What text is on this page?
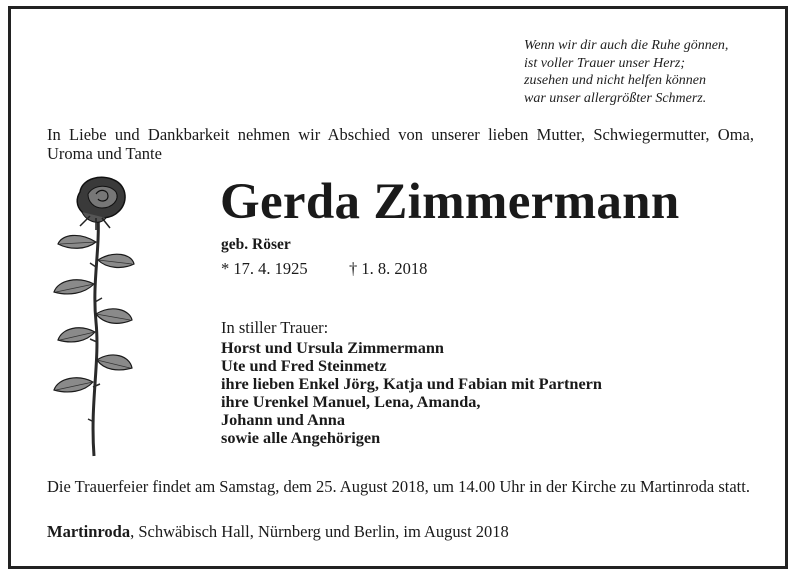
Wenn wir dir auch die Ruhe gönnen,
ist voller Trauer unser Herz;
zusehen und nicht helfen können
war unser allergrößter Schmerz.
In Liebe und Dankbarkeit nehmen wir Abschied von unserer lieben Mutter, Schwiegermutter, Oma, Uroma und Tante
Gerda Zimmermann
geb. Röser
* 17. 4. 1925	† 1. 8. 2018
In stiller Trauer:
Horst und Ursula Zimmermann
Ute und Fred Steinmetz
ihre lieben Enkel Jörg, Katja und Fabian mit Partnern
ihre Urenkel Manuel, Lena, Amanda,
Johann und Anna
sowie alle Angehörigen
Die Trauerfeier findet am Samstag, dem 25. August 2018, um 14.00 Uhr in der Kirche zu Martinroda statt.
Martinroda, Schwäbisch Hall, Nürnberg und Berlin, im August 2018
